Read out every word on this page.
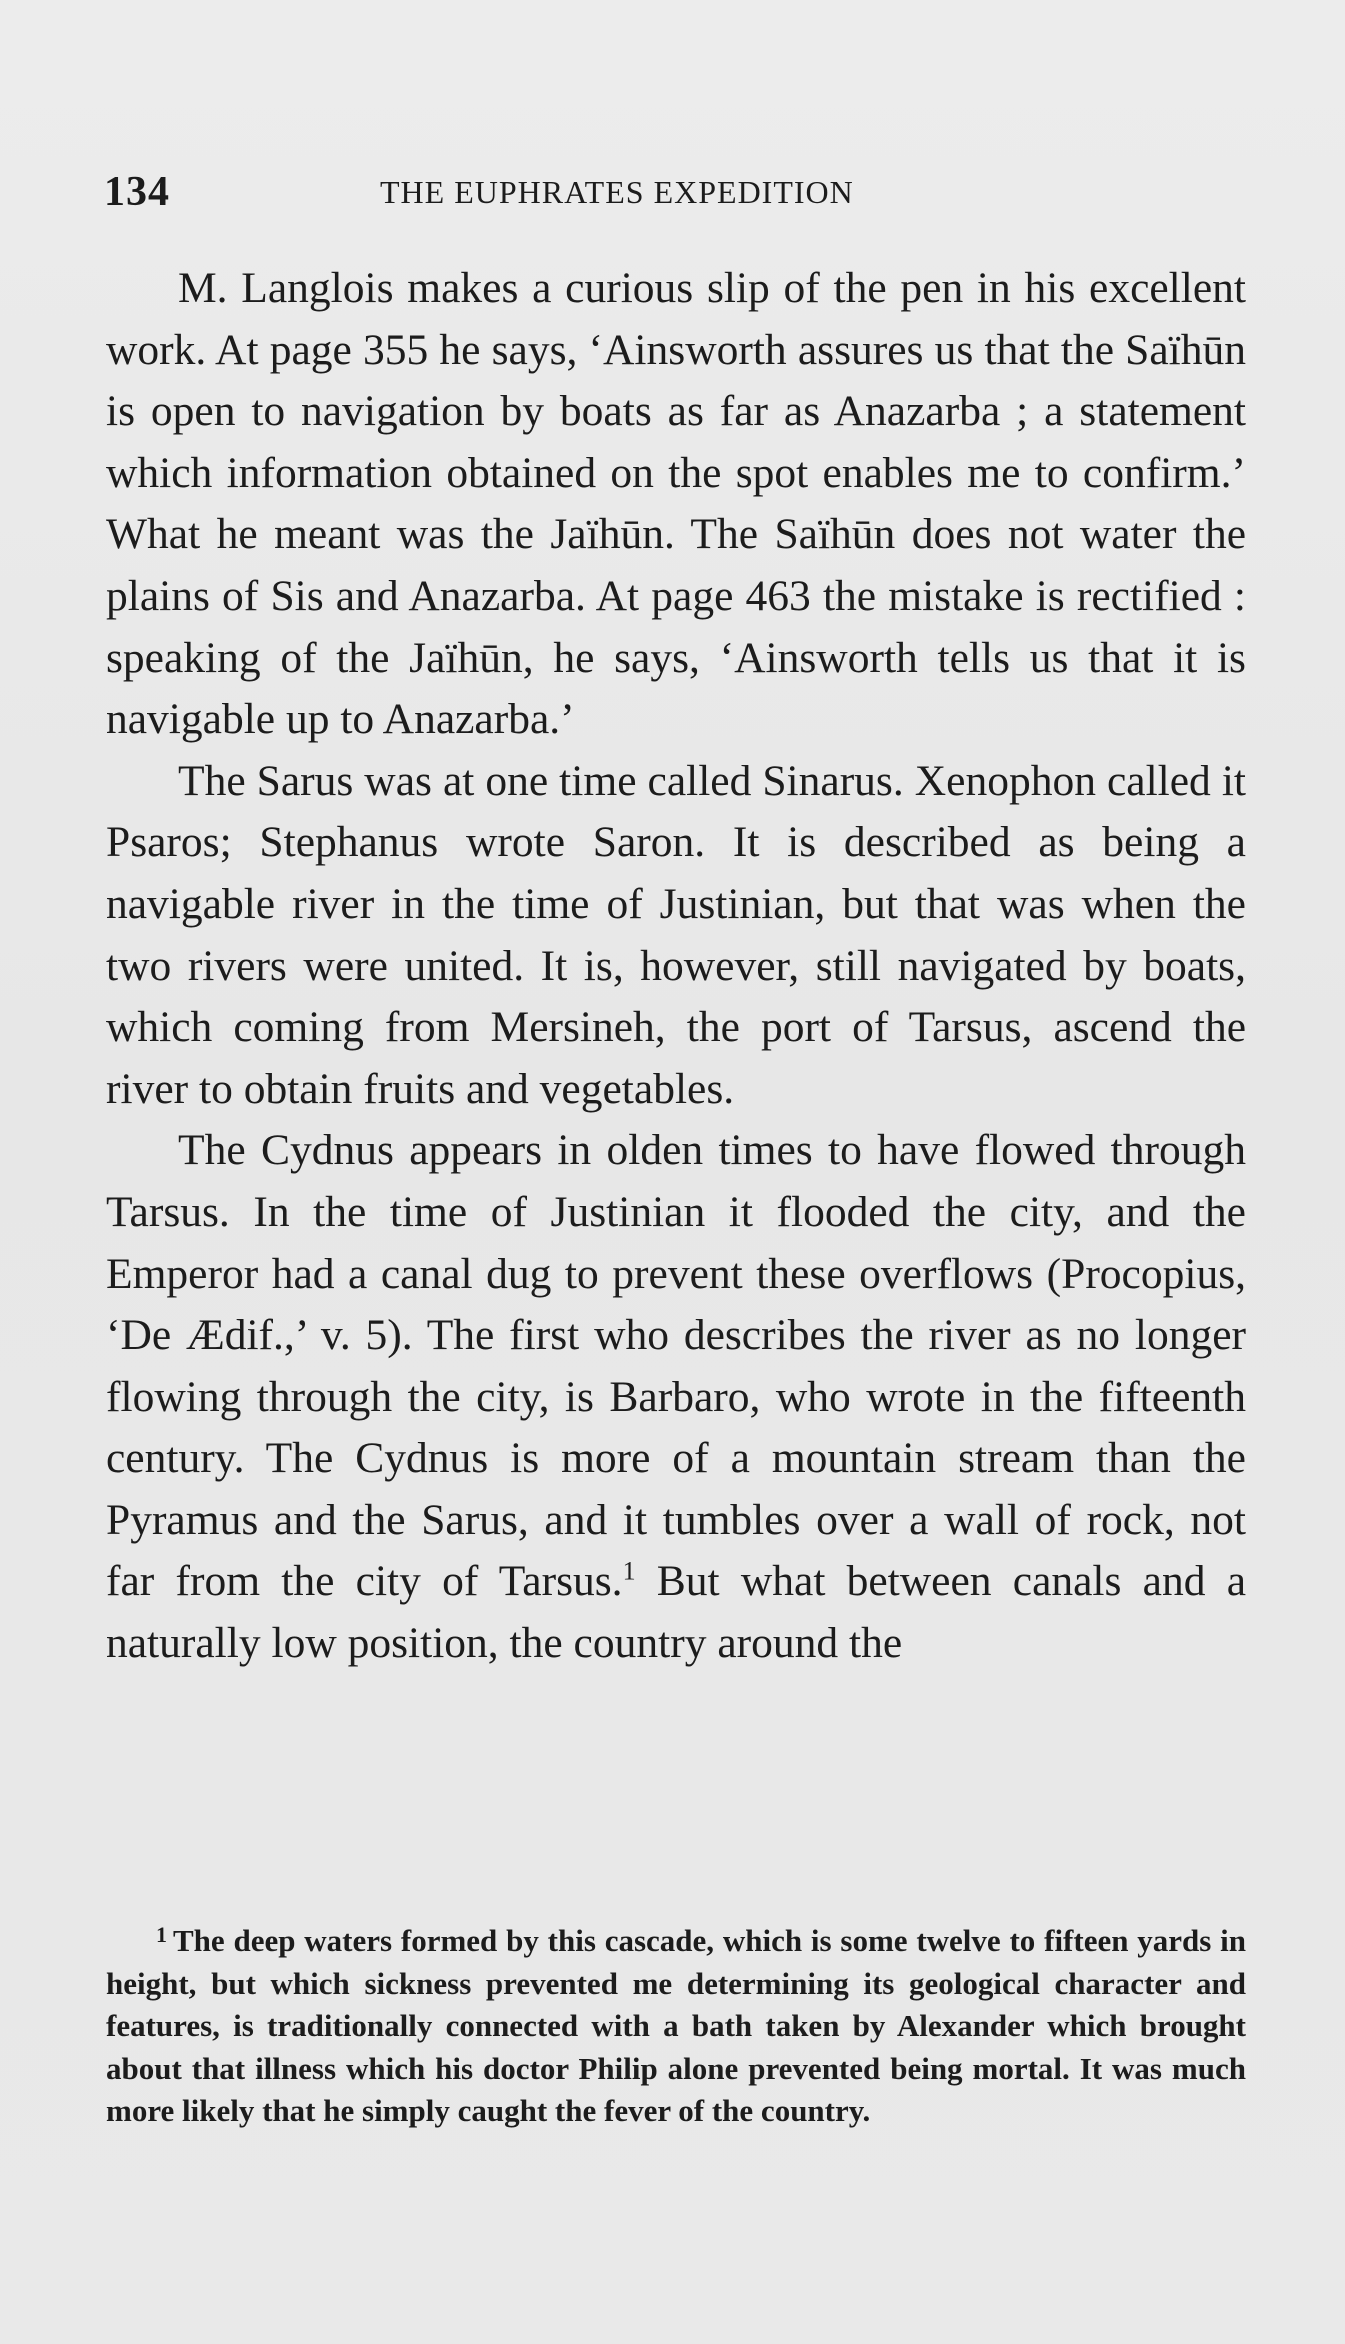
134	THE EUPHRATES EXPEDITION

M. Langlois makes a curious slip of the pen in his excellent work. At page 355 he says, ‘Ainsworth assures us that the Saïhūn is open to navigation by boats as far as Anazarba ; a statement which information obtained on the spot enables me to confirm.’ What he meant was the Jaïhūn. The Saïhūn does not water the plains of Sis and Anazarba. At page 463 the mistake is rectified : speaking of the Jaïhūn, he says, ‘Ainsworth tells us that it is navigable up to Anazarba.’

The Sarus was at one time called Sinarus. Xenophon called it Psaros; Stephanus wrote Saron. It is described as being a navigable river in the time of Justinian, but that was when the two rivers were united. It is, however, still navigated by boats, which coming from Mersineh, the port of Tarsus, ascend the river to obtain fruits and vegetables.

The Cydnus appears in olden times to have flowed through Tarsus. In the time of Justinian it flooded the city, and the Emperor had a canal dug to prevent these overflows (Procopius, ‘De Ædif.,’ v. 5). The first who describes the river as no longer flowing through the city, is Barbaro, who wrote in the fifteenth century. The Cydnus is more of a mountain stream than the Pyramus and the Sarus, and it tumbles over a wall of rock, not far from the city of Tarsus.$^1$ But what between canals and a naturally low position, the country around the

$^1$ The deep waters formed by this cascade, which is some twelve to fifteen yards in height, but which sickness prevented me determining its geological character and features, is traditionally connected with a bath taken by Alexander which brought about that illness which his doctor Philip alone prevented being mortal. It was much more likely that he simply caught the fever of the country.
